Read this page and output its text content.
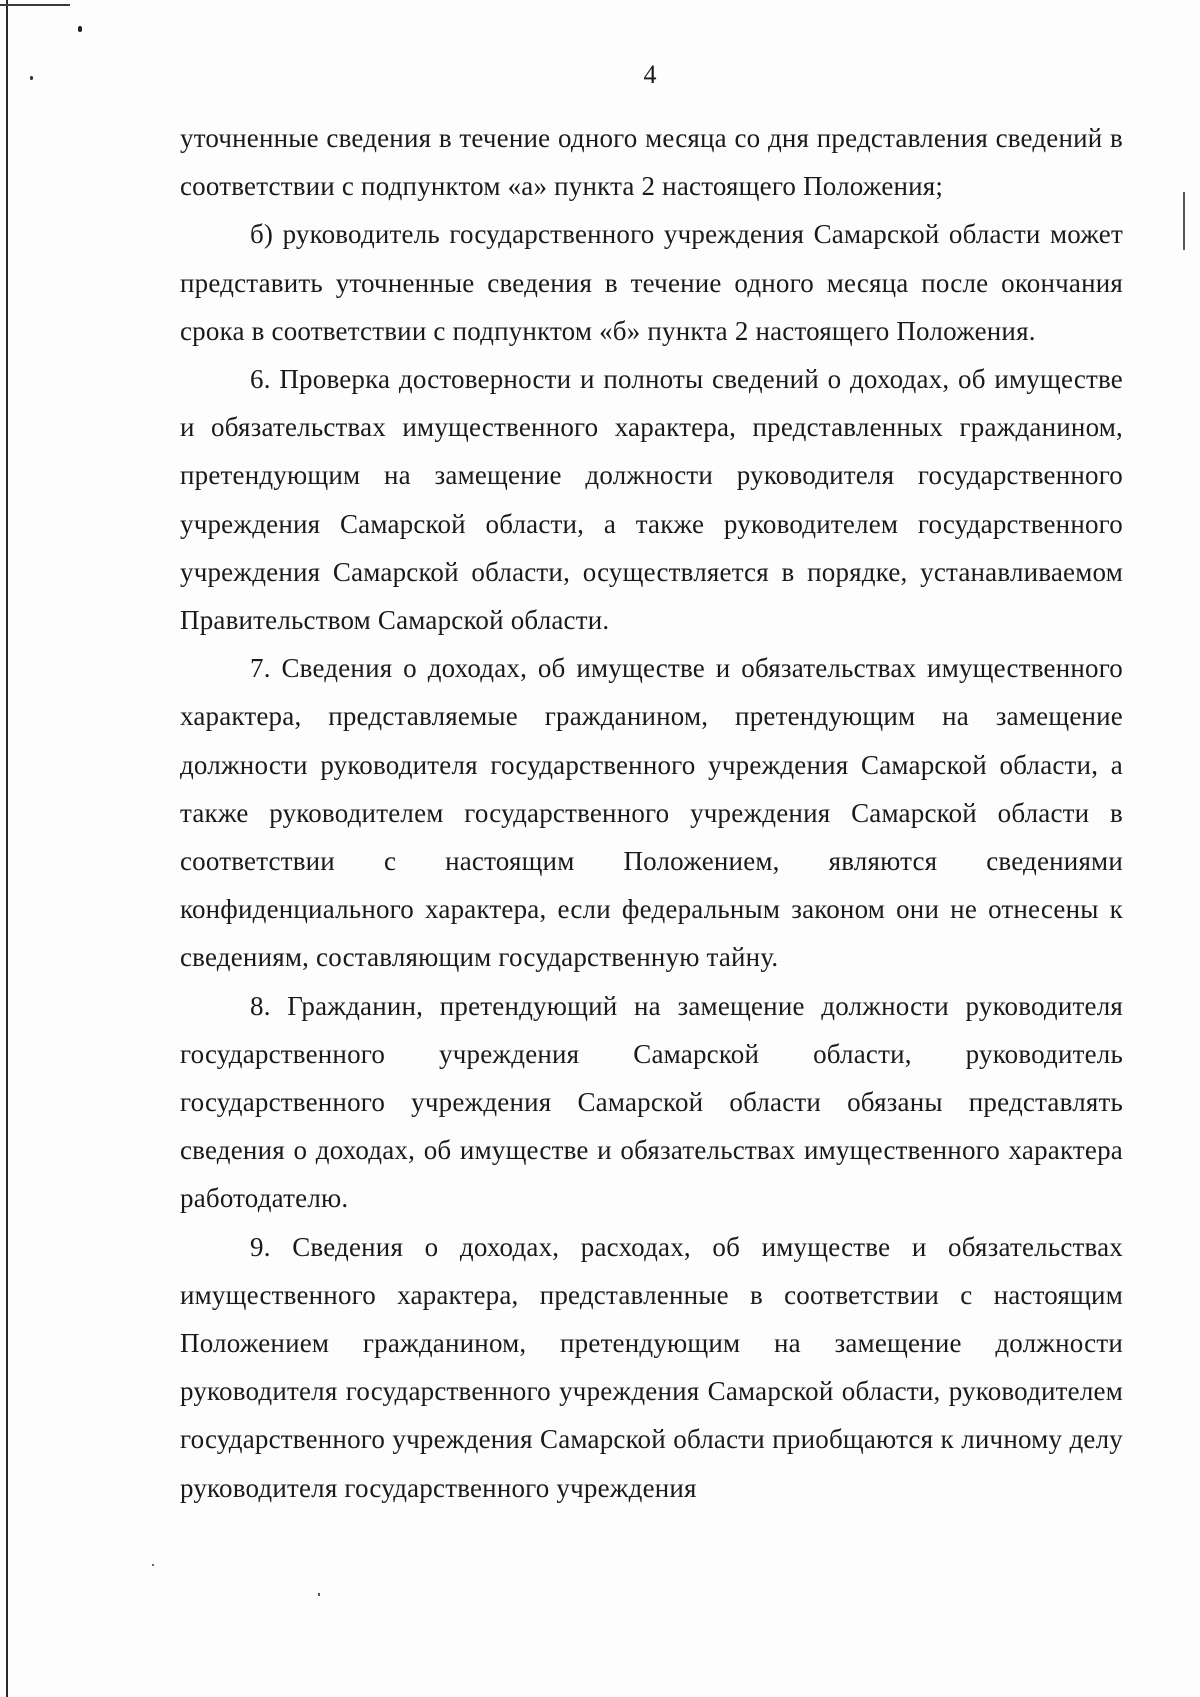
4

уточненные сведения в течение одного месяца со дня представления сведений в соответствии с подпунктом «а» пункта 2 настоящего Положения;

б) руководитель государственного учреждения Самарской области может представить уточненные сведения в течение одного месяца после окончания срока в соответствии с подпунктом «б» пункта 2 настоящего Положения.

6. Проверка достоверности и полноты сведений о доходах, об имуществе и обязательствах имущественного характера, представленных гражданином, претендующим на замещение должности руководителя государственного учреждения Самарской области, а также руководителем государственного учреждения Самарской области, осуществляется в порядке, устанавливаемом Правительством Самарской области.

7. Сведения о доходах, об имуществе и обязательствах имущественного характера, представляемые гражданином, претендующим на замещение должности руководителя государственного учреждения Самарской области, а также руководителем государственного учреждения Самарской области в соответствии с настоящим Положением, являются сведениями конфиденциального характера, если федеральным законом они не отнесены к сведениям, составляющим государственную тайну.

8. Гражданин, претендующий на замещение должности руководителя государственного учреждения Самарской области, руководитель государственного учреждения Самарской области обязаны представлять сведения о доходах, об имуществе и обязательствах имущественного характера работодателю.

9. Сведения о доходах, расходах, об имуществе и обязательствах имущественного характера, представленные в соответствии с настоящим Положением гражданином, претендующим на замещение должности руководителя государственного учреждения Самарской области, руководителем государственного учреждения Самарской области приобщаются к личному делу руководителя государственного учреждения
